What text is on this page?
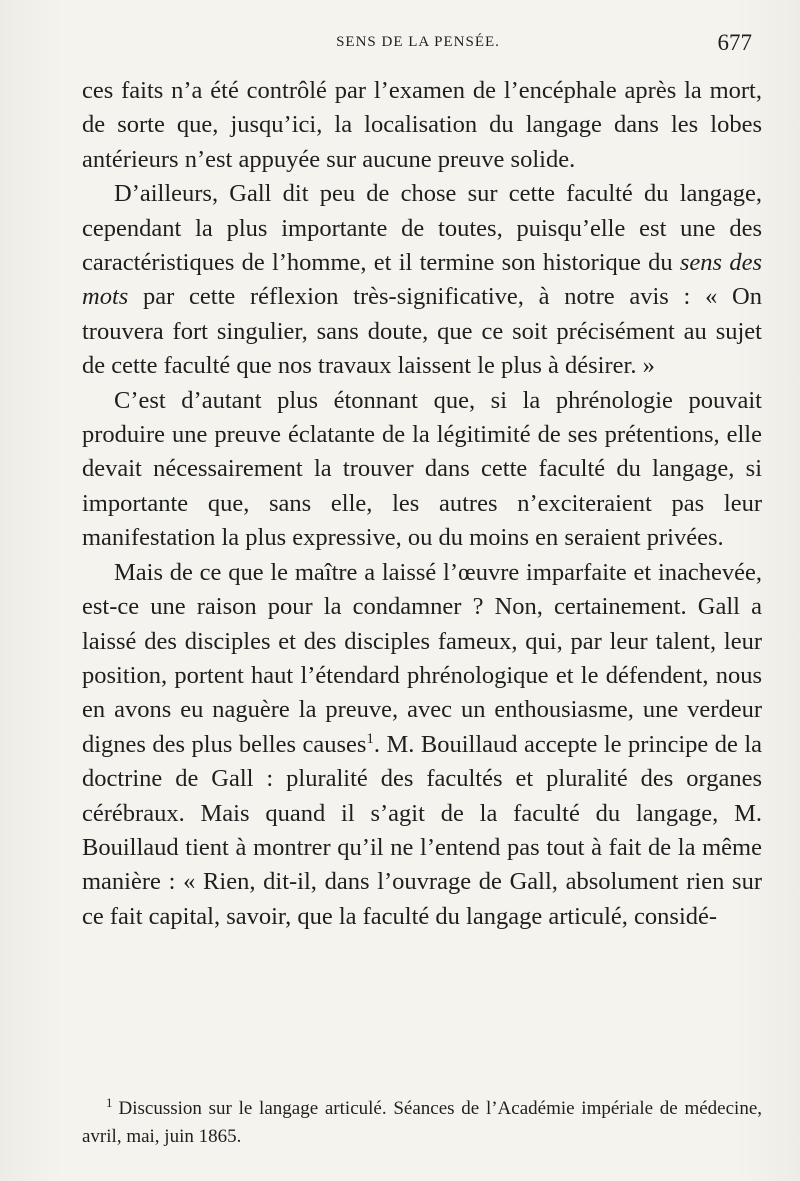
SENS DE LA PENSÉE.	677

ces faits n’a été contrôlé par l’examen de l’encéphale après la mort, de sorte que, jusqu’ici, la localisation du langage dans les lobes antérieurs n’est appuyée sur aucune preuve solide.

D’ailleurs, Gall dit peu de chose sur cette faculté du langage, cependant la plus importante de toutes, puisqu’elle est une des caractéristiques de l’homme, et il termine son historique du sens des mots par cette réflexion très-significative, à notre avis : « On trouvera fort singulier, sans doute, que ce soit précisément au sujet de cette faculté que nos travaux laissent le plus à désirer. »

C’est d’autant plus étonnant que, si la phrénologie pouvait produire une preuve éclatante de la légitimité de ses prétentions, elle devait nécessairement la trouver dans cette faculté du langage, si importante que, sans elle, les autres n’exciteraient pas leur manifestation la plus expressive, ou du moins en seraient privées.

Mais de ce que le maître a laissé l’œuvre imparfaite et inachevée, est-ce une raison pour la condamner ? Non, certainement. Gall a laissé des disciples et des disciples fameux, qui, par leur talent, leur position, portent haut l’étendard phrénologique et le défendent, nous en avons eu naguère la preuve, avec un enthousiasme, une verdeur dignes des plus belles causes$^1$. M. Bouillaud accepte le principe de la doctrine de Gall : pluralité des facultés et pluralité des organes cérébraux. Mais quand il s’agit de la faculté du langage, M. Bouillaud tient à montrer qu’il ne l’entend pas tout à fait de la même manière : « Rien, dit-il, dans l’ouvrage de Gall, absolument rien sur ce fait capital, savoir, que la faculté du langage articulé, considé-

$^1$ Discussion sur le langage articulé. Séances de l’Académie impériale de médecine, avril, mai, juin 1865.
